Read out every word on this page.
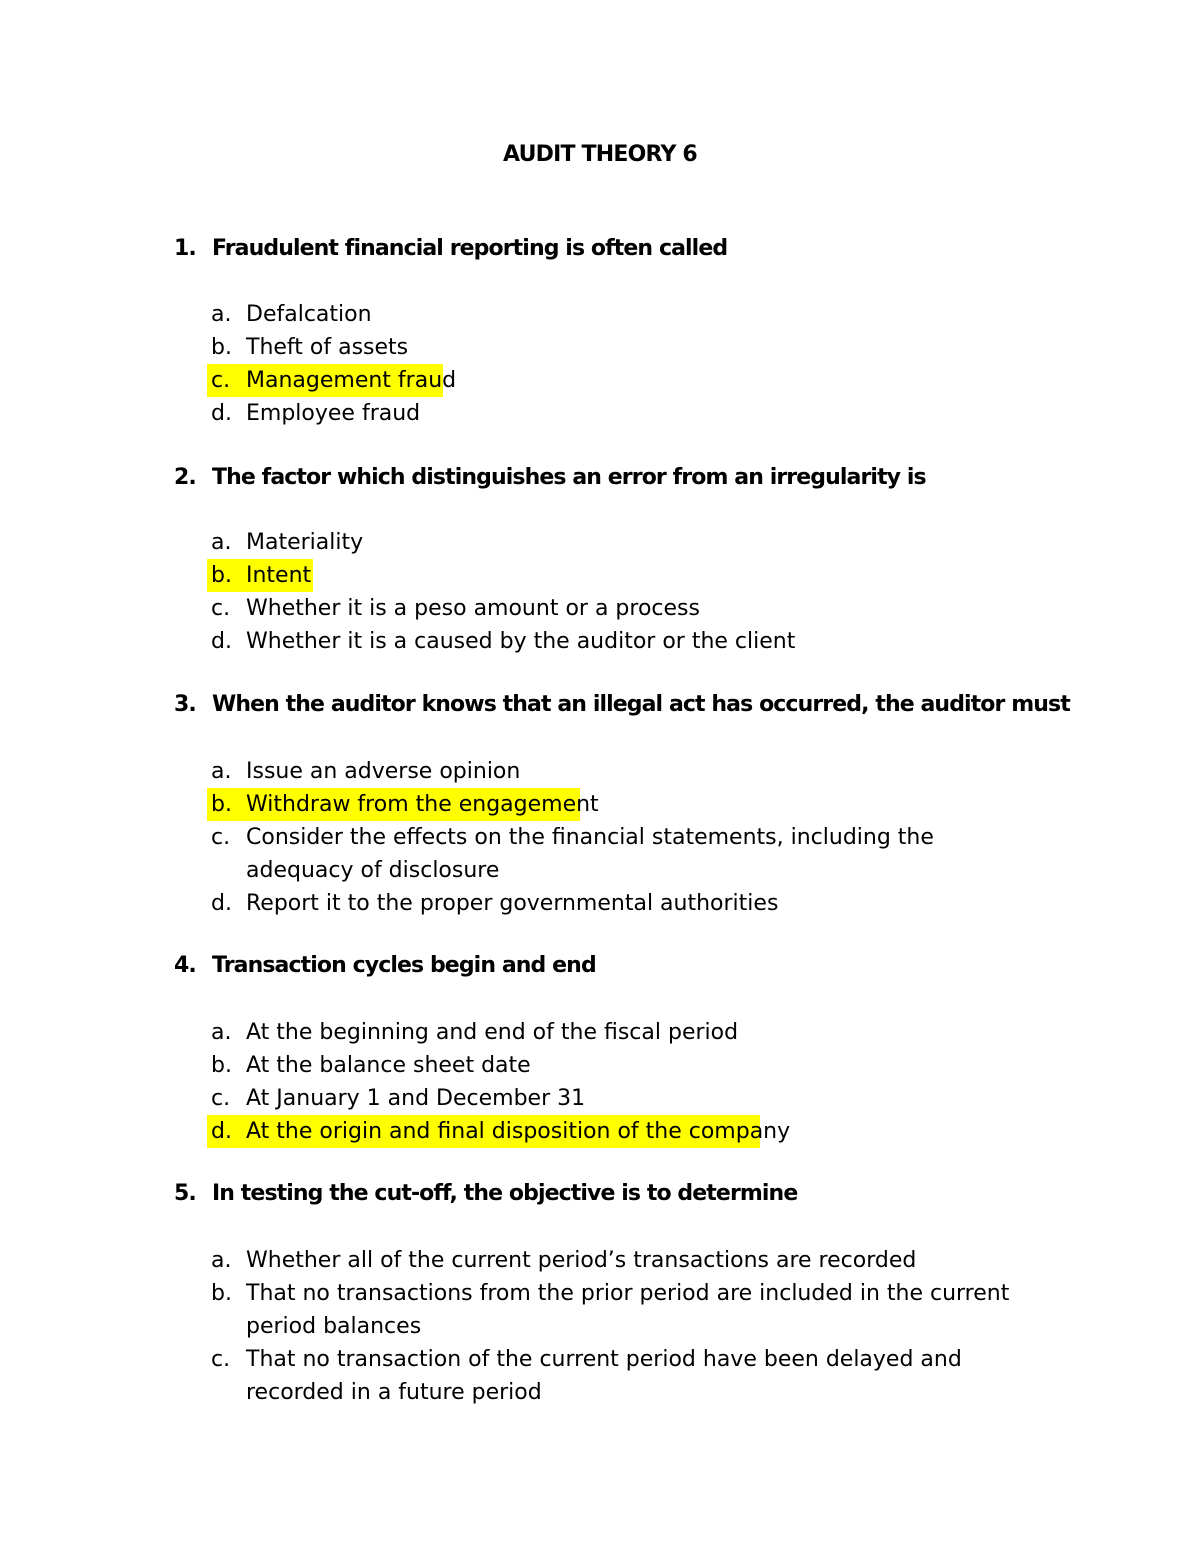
AUDIT THEORY 6
1. Fraudulent financial reporting is often called
a. Defalcation
b. Theft of assets
c. Management fraud
d. Employee fraud
2. The factor which distinguishes an error from an irregularity is
a. Materiality
b. Intent
c. Whether it is a peso amount or a process
d. Whether it is a caused by the auditor or the client
3. When the auditor knows that an illegal act has occurred, the auditor must
a. Issue an adverse opinion
b. Withdraw from the engagement
c. Consider the effects on the financial statements, including the adequacy of disclosure
d. Report it to the proper governmental authorities
4. Transaction cycles begin and end
a. At the beginning and end of the fiscal period
b. At the balance sheet date
c. At January 1 and December 31
d. At the origin and final disposition of the company
5. In testing the cut-off, the objective is to determine
a. Whether all of the current period’s transactions are recorded
b. That no transactions from the prior period are included in the current period balances
c. That no transaction of the current period have been delayed and recorded in a future period
